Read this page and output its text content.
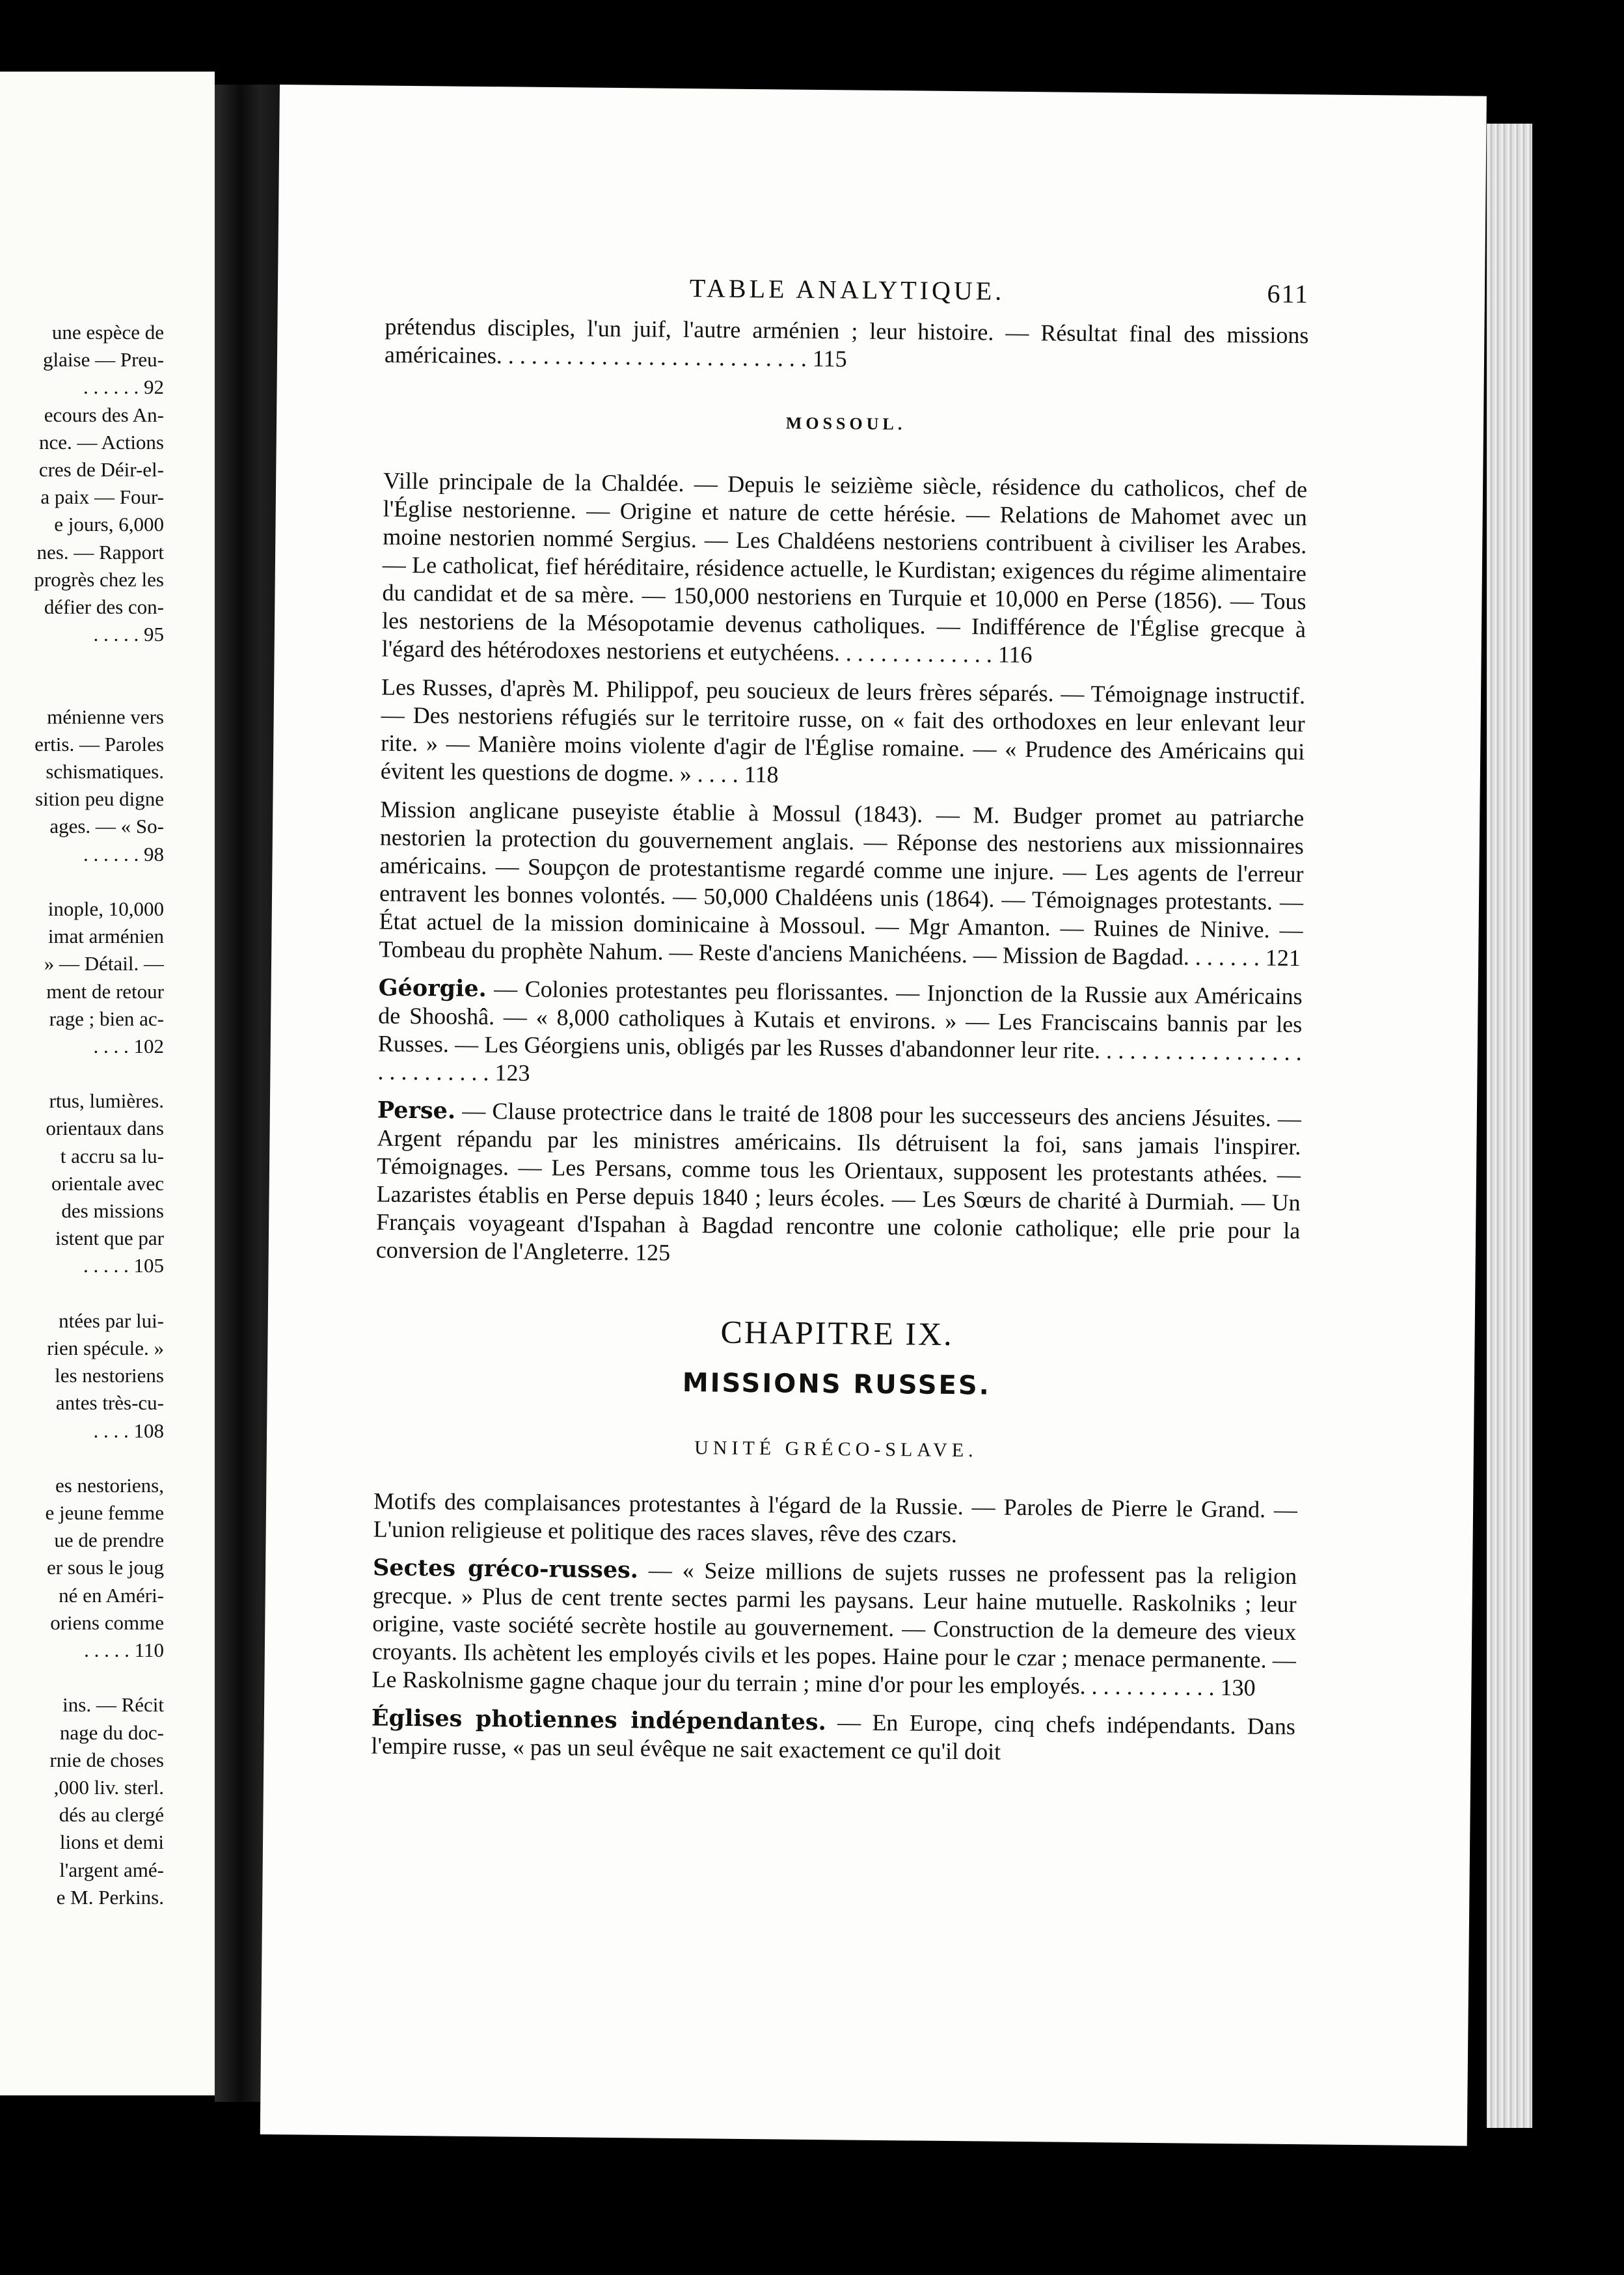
une espèce de
glaise — Preu-
. . . . . . 92
ecours des An-
nce. — Actions
cres de Déir-el-
a paix — Four-
e jours, 6,000
nes. — Rapport
progrès chez les
défier des con-
. . . . . 95
ménienne vers
ertis. — Paroles
schismatiques.
sition peu digne
ages. — « So-
. . . . . . 98
inople, 10,000
imat arménien
» — Détail. —
ment de retour
rage ; bien ac-
. . . . 102
rtus, lumières.
orientaux dans
t accru sa lu-
orientale avec
des missions
istent que par
. . . . . 105
ntées par lui-
rien spécule. »
les nestoriens
antes très-cu-
. . . . 108
es nestoriens,
e jeune femme
ue de prendre
er sous le joug
né en Améri-
oriens comme
. . . . . 110
ins. — Récit
nage du doc-
rnie de choses
,000 liv. sterl.
dés au clergé
lions et demi
l'argent amé-
e M. Perkins.
TABLE ANALYTIQUE.	611

prétendus disciples, l'un juif, l'autre arménien ; leur histoire. — Résultat final des missions américaines. . . . . . . . . . . . . . . . . . . . . . . . . . . 115

MOSSOUL.

Ville principale de la Chaldée. — Depuis le seizième siècle, résidence du catholicos, chef de l'Église nestorienne. — Origine et nature de cette hérésie. — Relations de Mahomet avec un moine nestorien nommé Sergius. — Les Chaldéens nestoriens contribuent à civiliser les Arabes. — Le catholicat, fief héréditaire, résidence actuelle, le Kurdistan; exigences du régime alimentaire du candidat et de sa mère. — 150,000 nestoriens en Turquie et 10,000 en Perse (1856). — Tous les nestoriens de la Mésopotamie devenus catholiques. — Indifférence de l'Église grecque à l'égard des hétérodoxes nestoriens et eutychéens. . . . . . . . . . . . . . 116

Les Russes, d'après M. Philippof, peu soucieux de leurs frères séparés. — Témoignage instructif. — Des nestoriens réfugiés sur le territoire russe, on « fait des orthodoxes en leur enlevant leur rite. » — Manière moins violente d'agir de l'Église romaine. — « Prudence des Américains qui évitent les questions de dogme. » . . . . 118

Mission anglicane puseyiste établie à Mossul (1843). — M. Budger promet au patriarche nestorien la protection du gouvernement anglais. — Réponse des nestoriens aux missionnaires américains. — Soupçon de protestantisme regardé comme une injure. — Les agents de l'erreur entravent les bonnes volontés. — 50,000 Chaldéens unis (1864). — Témoignages protestants. — État actuel de la mission dominicaine à Mossoul. — Mgr Amanton. — Ruines de Ninive. — Tombeau du prophète Nahum. — Reste d'anciens Manichéens. — Mission de Bagdad. . . . . . . 121

Géorgie. — Colonies protestantes peu florissantes. — Injonction de la Russie aux Américains de Shooshâ. — « 8,000 catholiques à Kutais et environs. » — Les Franciscains bannis par les Russes. — Les Géorgiens unis, obligés par les Russes d'abandonner leur rite. . . . . . . . . . . . . . . . . . . . . . . . . . . . 123

Perse. — Clause protectrice dans le traité de 1808 pour les successeurs des anciens Jésuites. — Argent répandu par les ministres américains. Ils détruisent la foi, sans jamais l'inspirer. Témoignages. — Les Persans, comme tous les Orientaux, supposent les protestants athées. — Lazaristes établis en Perse depuis 1840 ; leurs écoles. — Les Sœurs de charité à Durmiah. — Un Français voyageant d'Ispahan à Bagdad rencontre une colonie catholique; elle prie pour la conversion de l'Angleterre. 125

CHAPITRE IX.
MISSIONS RUSSES.
UNITÉ GRÉCO-SLAVE.

Motifs des complaisances protestantes à l'égard de la Russie. — Paroles de Pierre le Grand. — L'union religieuse et politique des races slaves, rêve des czars.

Sectes gréco-russes. — « Seize millions de sujets russes ne professent pas la religion grecque. » Plus de cent trente sectes parmi les paysans. Leur haine mutuelle. Raskolniks ; leur origine, vaste société secrète hostile au gouvernement. — Construction de la demeure des vieux croyants. Ils achètent les employés civils et les popes. Haine pour le czar ; menace permanente. — Le Raskolnisme gagne chaque jour du terrain ; mine d'or pour les employés. . . . . . . . . . . . 130

Églises photiennes indépendantes. — En Europe, cinq chefs indépendants. Dans l'empire russe, « pas un seul évêque ne sait exactement ce qu'il doit
